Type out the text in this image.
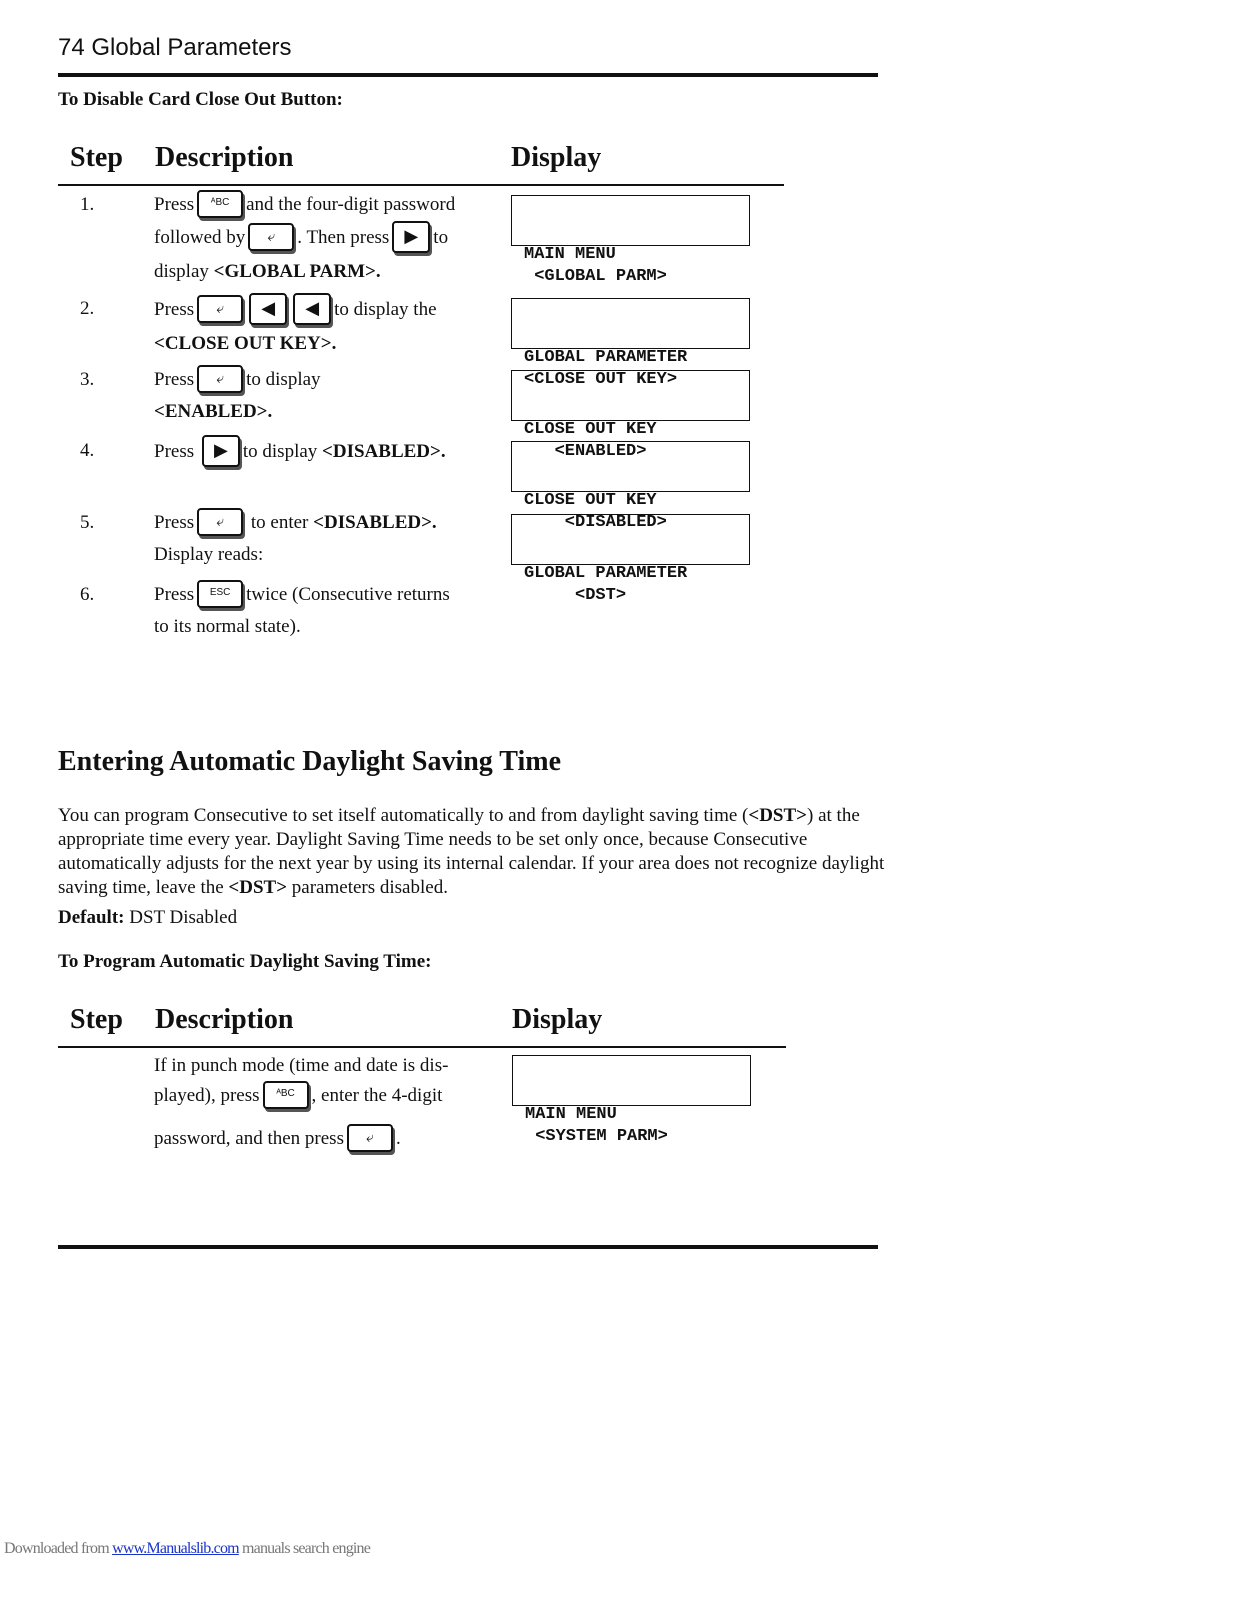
74 Global Parameters
To Disable Card Close Out Button:
Step Description	Display
1.	Press ᴬBC and the four-digit password
followed by ⤶ . Then press ▶ to
display <GLOBAL PARM>.

MAIN MENU
<GLOBAL PARM>

2.	Press ⤶ ◀ ◀ to display the
<CLOSE OUT KEY>.

GLOBAL PARAMETER
<CLOSE OUT KEY>

3.	Press ⤶ to display
<ENABLED>.

CLOSE OUT KEY
<ENABLED>

4.	Press ▶ to display <DISABLED>.

CLOSE OUT KEY
<DISABLED>

5.	Press ⤶ to enter <DISABLED>.
Display reads:

GLOBAL PARAMETER
<DST>

6.	Press ESC twice (Consecutive returns
to its normal state).
Entering Automatic Daylight Saving Time
You can program Consecutive to set itself automatically to and from daylight saving time (<DST>) at the appropriate time every year. Daylight Saving Time needs to be set only once, because Consecutive automatically adjusts for the next year by using its internal calendar. If your area does not recognize daylight saving time, leave the <DST> parameters disabled.
Default: DST Disabled
To Program Automatic Daylight Saving Time:
Step Description	Display
If in punch mode (time and date is dis-
played), press ᴬBC , enter the 4-digit
password, and then press ⤶ .

MAIN MENU
<SYSTEM PARM>

Downloaded from www.Manualslib.com manuals search engine
